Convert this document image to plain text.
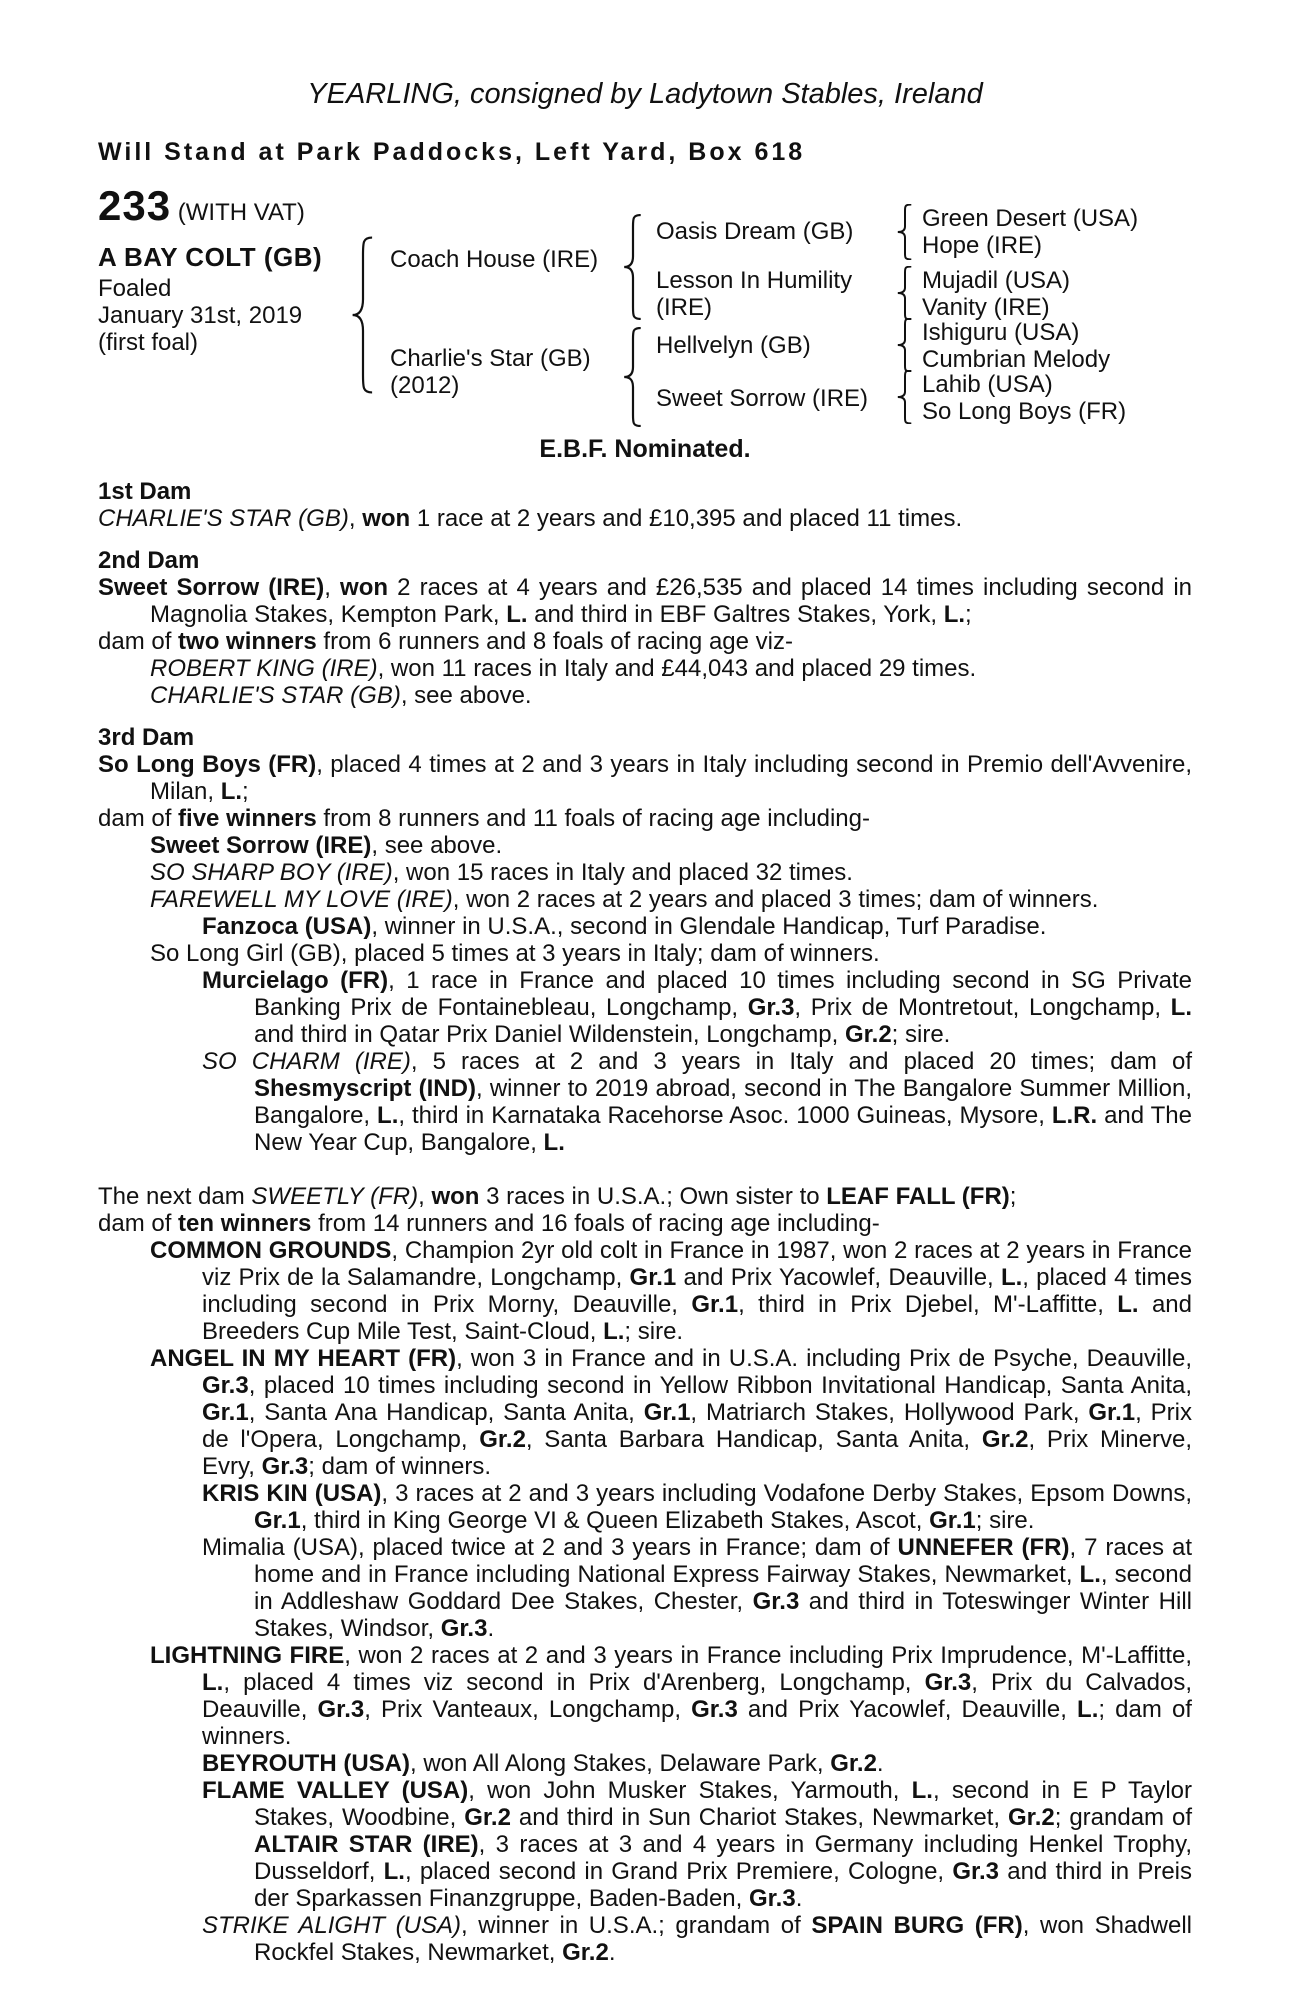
YEARLING, consigned by Ladytown Stables, Ireland
Will Stand at Park Paddocks, Left Yard, Box 618
233 (WITH VAT)
A BAY COLT (GB)
Foaled
January 31st, 2019
(first foal)
Coach House (IRE)
Charlie's Star (GB)
(2012)
Oasis Dream (GB)
Lesson In Humility (IRE)
Hellvelyn (GB)
Sweet Sorrow (IRE)
Green Desert (USA)
Hope (IRE)
Mujadil (USA)
Vanity (IRE)
Ishiguru (USA)
Cumbrian Melody
Lahib (USA)
So Long Boys (FR)
E.B.F. Nominated.
1st Dam

CHARLIE'S STAR (GB), won 1 race at 2 years and £10,395 and placed 11 times.

2nd Dam

Sweet Sorrow (IRE), won 2 races at 4 years and £26,535 and placed 14 times including second in Magnolia Stakes, Kempton Park, L. and third in EBF Galtres Stakes, York, L.;

dam of two winners from 6 runners and 8 foals of racing age viz-

ROBERT KING (IRE), won 11 races in Italy and £44,043 and placed 29 times.

CHARLIE'S STAR (GB), see above.

3rd Dam

So Long Boys (FR), placed 4 times at 2 and 3 years in Italy including second in Premio dell'Avvenire, Milan, L.;

dam of five winners from 8 runners and 11 foals of racing age including-

Sweet Sorrow (IRE), see above.

SO SHARP BOY (IRE), won 15 races in Italy and placed 32 times.

FAREWELL MY LOVE (IRE), won 2 races at 2 years and placed 3 times; dam of winners.

Fanzoca (USA), winner in U.S.A., second in Glendale Handicap, Turf Paradise.

So Long Girl (GB), placed 5 times at 3 years in Italy; dam of winners.

Murcielago (FR), 1 race in France and placed 10 times including second in SG Private Banking Prix de Fontainebleau, Longchamp, Gr.3, Prix de Montretout, Longchamp, L. and third in Qatar Prix Daniel Wildenstein, Longchamp, Gr.2; sire.

SO CHARM (IRE), 5 races at 2 and 3 years in Italy and placed 20 times; dam of Shesmyscript (IND), winner to 2019 abroad, second in The Bangalore Summer Million, Bangalore, L., third in Karnataka Racehorse Asoc. 1000 Guineas, Mysore, L.R. and The New Year Cup, Bangalore, L.

The next dam SWEETLY (FR), won 3 races in U.S.A.; Own sister to LEAF FALL (FR);

dam of ten winners from 14 runners and 16 foals of racing age including-

COMMON GROUNDS, Champion 2yr old colt in France in 1987, won 2 races at 2 years in France viz Prix de la Salamandre, Longchamp, Gr.1 and Prix Yacowlef, Deauville, L., placed 4 times including second in Prix Morny, Deauville, Gr.1, third in Prix Djebel, M'-Laffitte, L. and Breeders Cup Mile Test, Saint-Cloud, L.; sire.

ANGEL IN MY HEART (FR), won 3 in France and in U.S.A. including Prix de Psyche, Deauville, Gr.3, placed 10 times including second in Yellow Ribbon Invitational Handicap, Santa Anita, Gr.1, Santa Ana Handicap, Santa Anita, Gr.1, Matriarch Stakes, Hollywood Park, Gr.1, Prix de l'Opera, Longchamp, Gr.2, Santa Barbara Handicap, Santa Anita, Gr.2, Prix Minerve, Evry, Gr.3; dam of winners.

KRIS KIN (USA), 3 races at 2 and 3 years including Vodafone Derby Stakes, Epsom Downs, Gr.1, third in King George VI & Queen Elizabeth Stakes, Ascot, Gr.1; sire.

Mimalia (USA), placed twice at 2 and 3 years in France; dam of UNNEFER (FR), 7 races at home and in France including National Express Fairway Stakes, Newmarket, L., second in Addleshaw Goddard Dee Stakes, Chester, Gr.3 and third in Toteswinger Winter Hill Stakes, Windsor, Gr.3.

LIGHTNING FIRE, won 2 races at 2 and 3 years in France including Prix Imprudence, M'-Laffitte, L., placed 4 times viz second in Prix d'Arenberg, Longchamp, Gr.3, Prix du Calvados, Deauville, Gr.3, Prix Vanteaux, Longchamp, Gr.3 and Prix Yacowlef, Deauville, L.; dam of winners.

BEYROUTH (USA), won All Along Stakes, Delaware Park, Gr.2.

FLAME VALLEY (USA), won John Musker Stakes, Yarmouth, L., second in E P Taylor Stakes, Woodbine, Gr.2 and third in Sun Chariot Stakes, Newmarket, Gr.2; grandam of ALTAIR STAR (IRE), 3 races at 3 and 4 years in Germany including Henkel Trophy, Dusseldorf, L., placed second in Grand Prix Premiere, Cologne, Gr.3 and third in Preis der Sparkassen Finanzgruppe, Baden-Baden, Gr.3.

STRIKE ALIGHT (USA), winner in U.S.A.; grandam of SPAIN BURG (FR), won Shadwell Rockfel Stakes, Newmarket, Gr.2.
